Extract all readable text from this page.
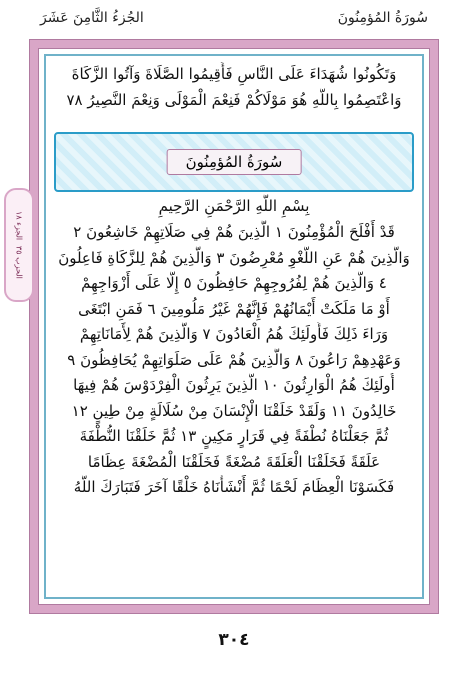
سُورَةُ المُؤمِنُونَ
الجُزءُ الثَّامِنَ عَشَرَ
وَتَكُونُوا شُهَدَاءَ عَلَى النَّاسِ فَأَقِيمُوا الصَّلَاةَ وَآتُوا الزَّكَاةَ
وَاعْتَصِمُوا بِاللَّهِ هُوَ مَوْلَاكُمْ فَنِعْمَ الْمَوْلَى وَنِعْمَ النَّصِيرُ ٧٨
سُورَةُ المُؤمِنُونَ
بِسْمِ اللَّهِ الرَّحْمَنِ الرَّحِيمِ
قَدْ أَفْلَحَ الْمُؤْمِنُونَ ١ الَّذِينَ هُمْ فِي صَلَاتِهِمْ خَاشِعُونَ ٢
وَالَّذِينَ هُمْ عَنِ اللَّغْوِ مُعْرِضُونَ ٣ وَالَّذِينَ هُمْ لِلزَّكَاةِ فَاعِلُونَ
٤ وَالَّذِينَ هُمْ لِفُرُوجِهِمْ حَافِظُونَ ٥ إِلَّا عَلَى أَزْوَاجِهِمْ
أَوْ مَا مَلَكَتْ أَيْمَانُهُمْ فَإِنَّهُمْ غَيْرُ مَلُومِينَ ٦ فَمَنِ ابْتَغَى
وَرَاءَ ذَلِكَ فَأُولَئِكَ هُمُ الْعَادُونَ ٧ وَالَّذِينَ هُمْ لِأَمَانَاتِهِمْ
وَعَهْدِهِمْ رَاعُونَ ٨ وَالَّذِينَ هُمْ عَلَى صَلَوَاتِهِمْ يُحَافِظُونَ ٩
أُولَئِكَ هُمُ الْوَارِثُونَ ١٠ الَّذِينَ يَرِثُونَ الْفِرْدَوْسَ هُمْ فِيهَا
خَالِدُونَ ١١ وَلَقَدْ خَلَقْنَا الْإِنْسَانَ مِنْ سُلَالَةٍ مِنْ طِينٍ ١٢
ثُمَّ جَعَلْنَاهُ نُطْفَةً فِي قَرَارٍ مَكِينٍ ١٣ ثُمَّ خَلَقْنَا النُّطْفَةَ
عَلَقَةً فَخَلَقْنَا الْعَلَقَةَ مُضْغَةً فَخَلَقْنَا الْمُضْغَةَ عِظَامًا
فَكَسَوْنَا الْعِظَامَ لَحْمًا ثُمَّ أَنْشَأْنَاهُ خَلْقًا آخَرَ فَتَبَارَكَ اللَّهُ
الجزء ١٨
الحزب ٣٥
٣٠٤
